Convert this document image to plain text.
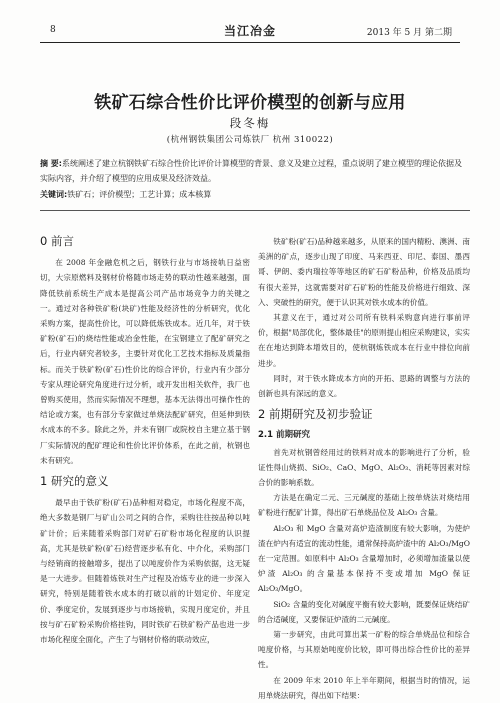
8	当江冶金	2013 年 5 月 第二期
铁矿石综合性价比评价模型的创新与应用
段冬梅
(杭州钢铁集团公司炼铁厂 杭州 310022)
摘 要:系统阐述了建立杭钢铁矿石综合性价比评价计算模型的背景、意义及建立过程，重点说明了建立模型的理论依据及实际内容，并介绍了模型的应用成果及经济效益。
关键词:铁矿石；评价模型；工艺计算；成本核算
0 前言

在 2008 年金融危机之后，钢铁行业与市场接轨日益密切，大宗原燃料及钢材价格随市场走势的联动性越来越强，面降低铁前系统生产成本是提高公司产品市场竞争力的关键之一。通过对各种铁矿粉(块矿)性能及经济性的分析研究，优化采购方案，提高性价比，可以降低炼铁成本。近几年，对于铁矿粉(矿石)的烧结性能或冶金性能，在宝钢建立了配矿研究之后，行业内研究者较多，主要针对优化工艺技术指标及质量指标。而关于铁矿粉(矿石)性价比的综合评价，行业内有少部分专家从理论研究角度进行过分析，或开发出相关软件，我厂也曾购买使用，然而实际情况不理想，基本无法得出可操作性的结论或方案，也有部分专家做过单烧法配矿研究，但延伸到铁水成本的不多。除此之外，并未有钢厂或院校自主建立基于钢厂实际情况的配矿理论和性价比评价体系，在此之前，杭钢也未有研究。

1 研究的意义

最早由于铁矿粉(矿石)品种相对稳定，市场化程度不高，绝大多数是钢厂与矿山公司之间的合作，采购往往按品种以吨矿计价；后来随着采购部门对矿石矿粉市场化程度的认识提高，尤其是铁矿粉(矿石)经营逐步私有化、中介化，采购部门与经销商的接触增多，提出了以吨度价作为采购依据，这无疑是一大进步。但随着炼铁对生产过程及冶炼专业的进一步深入研究，特别是随着铁水成本的打破以前的计划定价、年度定价、季度定价，发展到逐步与市场接轨，实现月度定价，并且按与矿石矿粉采购价格挂钩，同时铁矿石铁矿粉产品也进一步市场化程度全面化，产生了与钢材价格的联动效应，

铁矿粉(矿石)品种越来越多，从原来的国内精粉、澳洲、南美洲的矿点，逐步山现了印度、马来西亚、印尼、泰国、墨西哥、伊朗、委内瑞拉等等地区的矿石矿粉品种，价格及品质均有很大差异，这就需要对矿石矿粉的性能及价格进行细致、深入、突破性的研究，便于认识其对铁水成本的价值。

其意义在于，通过对公司所有铁料采购意向进行事前评价，根据"局部优化，整体最佳"的原则提山相应采购建议，实实在在地达到降本增效目的，使杭钢炼铁成本在行业中排位向前进步。

同时，对于铁水降成本方向的开拓、思路的调整与方法的创新也具有深远的意义。

2 前期研究及初步验证
2.1 前期研究

首先对杭钢曾经用过的铁料对成本的影响进行了分析，验证性得山烧损、SiO₂、CaO、MgO、Al₂O₃、消耗等因素对综合价的影响系数。

方法是在确定二元、三元碱度的基础上按单烧法对烧结用矿粉进行配矿计算，得出矿石单烧品位及 Al₂O₃ 含量。

Al₂O₃ 和 MgO 含量对高炉造渣制度有较大影响，为使炉渣在炉内有适宜的流动性能，通常保持高炉渣中的 Al₂O₃/MgO 在一定范围。如原料中 Al₂O₃ 含量增加时，必须增加渣量以使炉渣 Al₂O₃ 的含量基本保持不变或增加 MgO 保证 Al₂O₃/MgO。

SiO₂ 含量的变化对碱度平衡有较大影响，既要保证烧结矿的合适碱度，又要保证炉渣的二元碱度。

第一步研究，由此可算出某一矿粉的综合单烧品位和综合吨度价格，与其原始吨度价比较，即可得出综合性价比的差异性。

在 2009 年末 2010 年上半年期间，根据当时的情况，运用单烧法研究，得出如下结果：
